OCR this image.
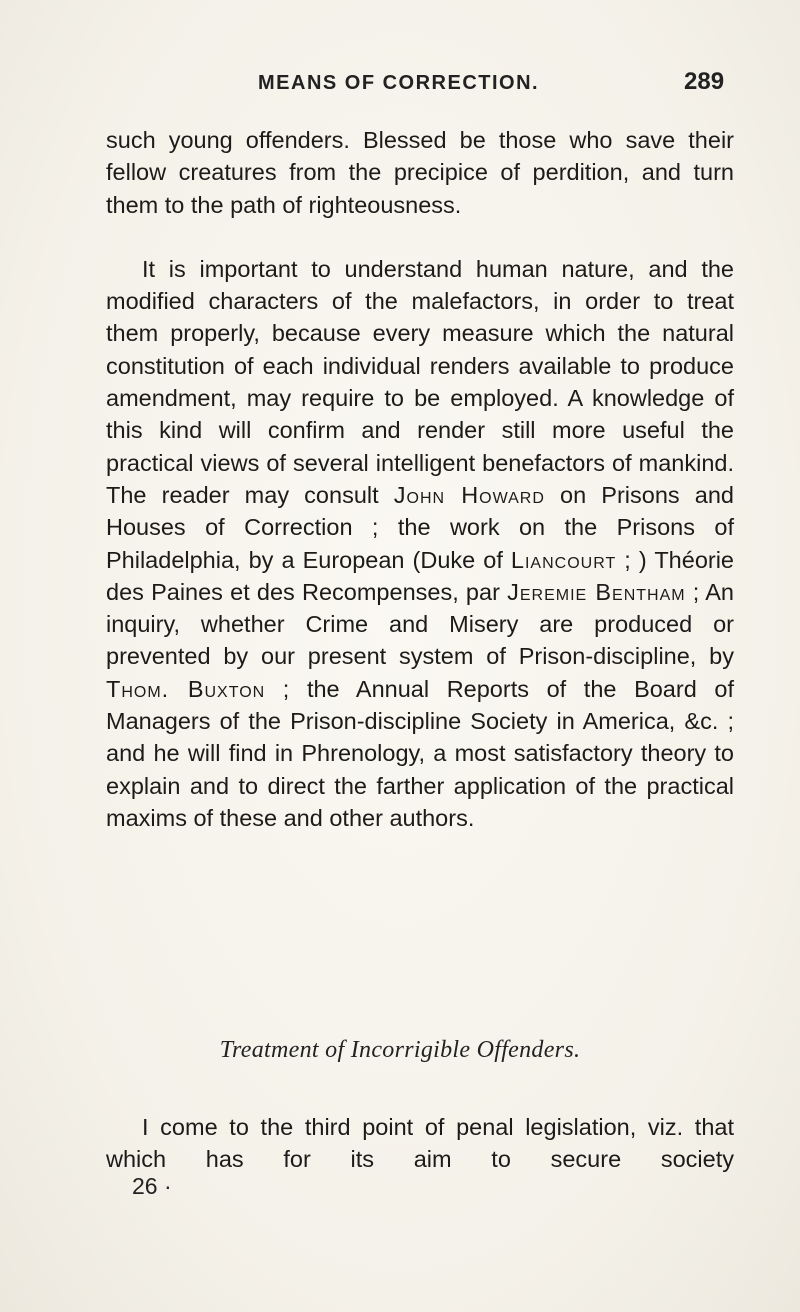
MEANS OF CORRECTION.	289

such young offenders. Blessed be those who save their fellow creatures from the precipice of perdition, and turn them to the path of righteousness.

It is important to understand human nature, and the modified characters of the malefactors, in order to treat them properly, because every measure which the natural constitution of each individual renders available to produce amendment, may require to be employed. A knowledge of this kind will confirm and render still more useful the practical views of several intelligent benefactors of mankind. The reader may consult John Howard on Prisons and Houses of Correction ; the work on the Prisons of Philadelphia, by a European (Duke of Liancourt ; ) Théorie des Paines et des Recompenses, par Jeremie Bentham ; An inquiry, whether Crime and Misery are produced or prevented by our present system of Prison-discipline, by Thom. Buxton ; the Annual Reports of the Board of Managers of the Prison-discipline Society in America, &c. ; and he will find in Phrenology, a most satisfactory theory to explain and to direct the farther application of the practical maxims of these and other authors.

Treatment of Incorrigible Offenders.

I come to the third point of penal legislation, viz. that which has for its aim to secure society

26 ·
